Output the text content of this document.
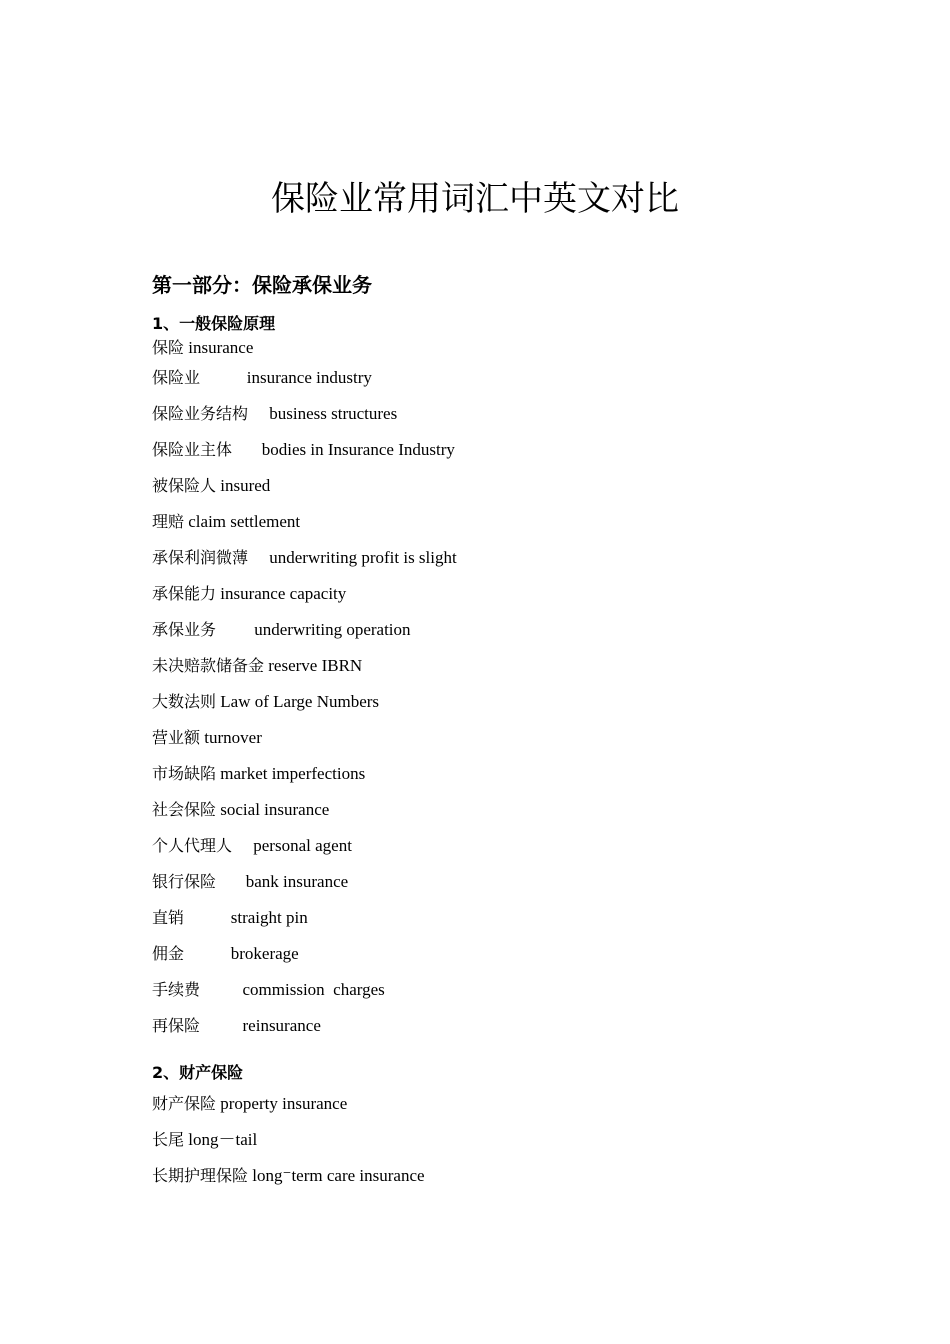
保险业常用词汇中英文对比
第一部分：保险承保业务
1、一般保险原理
保险 insurance
保险业	insurance industry
保险业务结构 business structures
保险业主体 bodies in Insurance Industry
被保险人 insured
理赔 claim settlement
承保利润微薄 underwriting profit is slight
承保能力 insurance capacity
承保业务 underwriting operation
未决赔款储备金 reserve IBRN
大数法则 Law of Large Numbers
营业额 turnover
市场缺陷 market imperfections
社会保险 social insurance
个人代理人 personal agent
银行保险 bank insurance
直销	straight pin
佣金	brokerage
手续费	commission  charges
再保险	reinsurance
2、财产保险
财产保险 property insurance
长尾 long－tail
长期护理保险 long⁻term care insurance
